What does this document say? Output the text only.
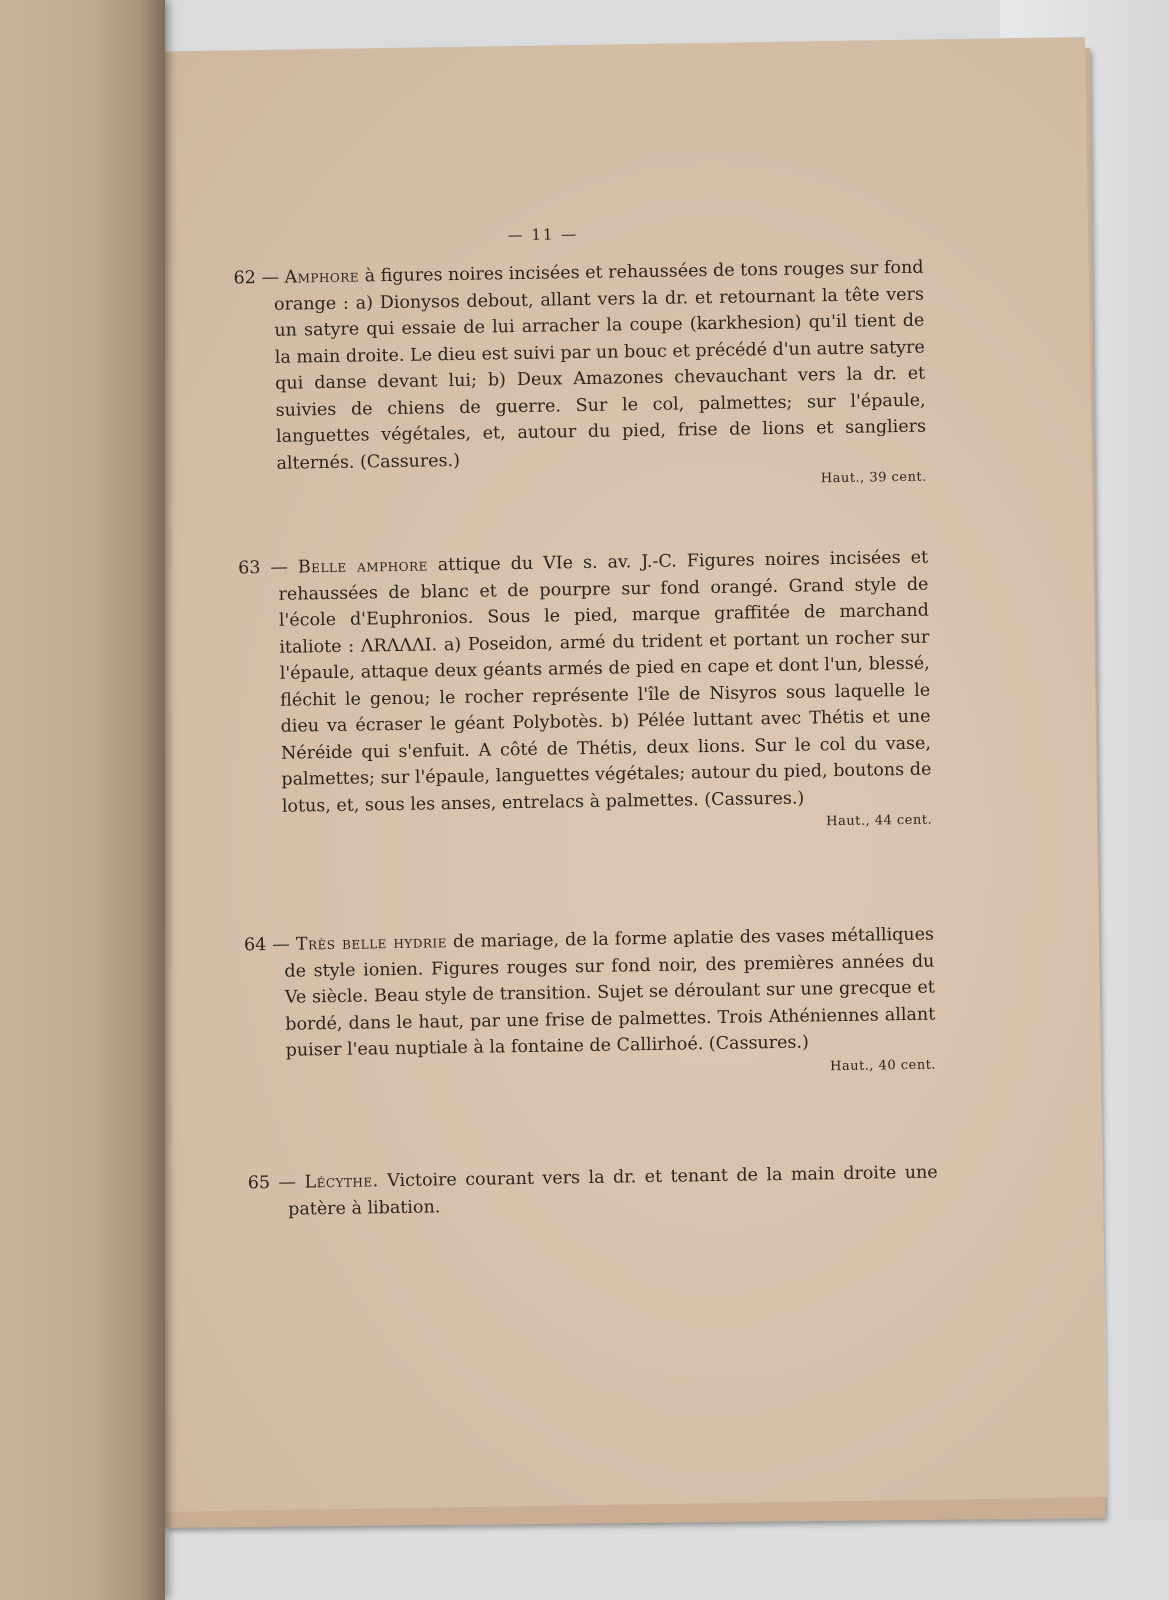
— 11 —
62 — Amphore à figures noires incisées et rehaussées de tons rouges sur fond orange : a) Dionysos debout, allant vers la dr. et retournant la tête vers un satyre qui essaie de lui arracher la coupe (karkhesion) qu'il tient de la main droite. Le dieu est suivi par un bouc et précédé d'un autre satyre qui danse devant lui; b) Deux Amazones chevauchant vers la dr. et suivies de chiens de guerre. Sur le col, palmettes; sur l'épaule, languettes végétales, et, autour du pied, frise de lions et sangliers alternés. (Cassures.)
Haut., 39 cent.
63 — Belle amphore attique du VIe s. av. J.-C. Figures noires incisées et rehaussées de blanc et de pourpre sur fond orangé. Grand style de l'école d'Euphronios. Sous le pied, marque graffitée de marchand italiote : ΛRΛΛΛI. a) Poseidon, armé du trident et portant un rocher sur l'épaule, attaque deux géants armés de pied en cape et dont l'un, blessé, fléchit le genou; le rocher représente l'île de Nisyros sous laquelle le dieu va écraser le géant Polybotès. b) Pélée luttant avec Thétis et une Néréide qui s'enfuit. A côté de Thétis, deux lions. Sur le col du vase, palmettes; sur l'épaule, languettes végétales; autour du pied, boutons de lotus, et, sous les anses, entrelacs à palmettes. (Cassures.)
Haut., 44 cent.
64 — Très belle hydrie de mariage, de la forme aplatie des vases métalliques de style ionien. Figures rouges sur fond noir, des premières années du Ve siècle. Beau style de transition. Sujet se déroulant sur une grecque et bordé, dans le haut, par une frise de palmettes. Trois Athéniennes allant puiser l'eau nuptiale à la fontaine de Callirhoé. (Cassures.)
Haut., 40 cent.
65 — Lécythe. Victoire courant vers la dr. et tenant de la main droite une patère à libation.
